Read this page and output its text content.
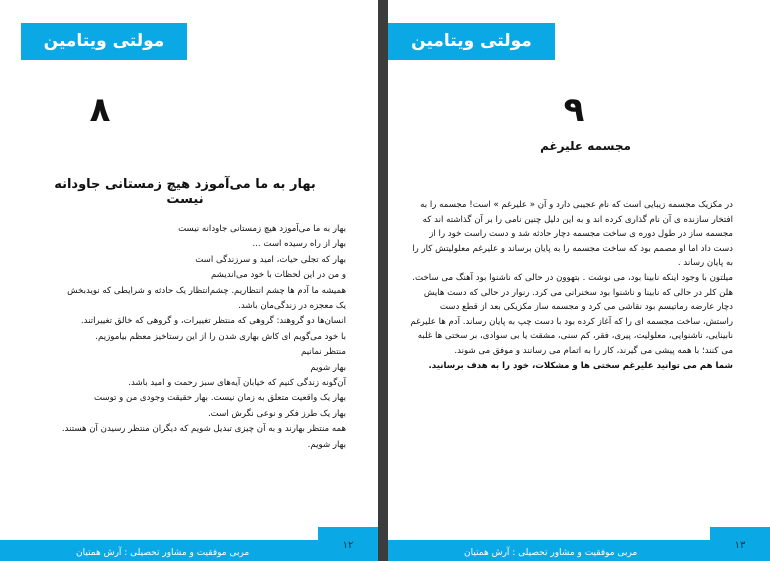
مولتی ویتامین
۸
بهار به ما می‌آموزد هیچ زمستانی جاودانه نیست
بهار به ما می‌آموزد هیچ زمستانی جاودانه نیست
بهار از راه رسیده است ...
بهار که تجلی حیات، امید و سرزندگی است
و من در این لحظات با خود می‌اندیشم
همیشه ما آدم ها چشم انتظاریم. چشم‌انتظار یک حادثه و شرایطی که نویدبخش یک معجزه در زندگی‌مان باشد.
انسان‌ها دو گروهند: گروهی که منتظر تغییرات، و گروهی که خالق تغییراتند.
با خود می‌گویم ای کاش بهاری شدن را از این رستاخیز معظم بیاموزیم.
منتظر نمانیم
بهار شویم
آن‌گونه زندگی کنیم که خیابان آیه‌های سبز رحمت و امید باشد.
بهار یک واقعیت متعلق به زمان نیست. بهار حقیقت وجودی من و توست
بهار یک طرز فکر و نوعی نگرش است.
همه منتظر بهارند و به آن چیزی تبدیل شویم که دیگران منتظر رسیدن آن هستند.
بهار شویم.
مربی موفقیت و مشاور تحصیلی : آرش همتیان
۱۲
مولتی ویتامین
۹
مجسمه علیرغم

در مکزیک مجسمه زیبایی است که نام عجیبی دارد و آن « علیرغم » است! مجسمه را به افتخار سازنده ی آن نام گذاری کرده اند و به این دلیل چنین نامی را بر آن گذاشته اند که مجسمه ساز در طول دوره ی ساخت مجسمه دچار حادثه شد و دست راست خود را از دست داد اما او مصمم بود که ساخت مجسمه را به پایان برساند و علیرغم معلولیتش کار را به پایان رساند .

میلتون با وجود اینکه نابینا بود، می نوشت . بتهوون در حالی که ناشنوا بود آهنگ می ساخت. هلن کلر در حالی که نابینا و ناشنوا بود سخنرانی می کرد. رنوار در حالی که دست هایش دچار عارضه رماتیسم بود نقاشی می کرد و مجسمه ساز مکزیکی بعد از قطع دست راستش، ساخت مجسمه ای را که آغاز کرده بود با دست چپ به پایان رساند. آدم ها علیرغم نابینایی، ناشنوایی، معلولیت، پیری، فقر، کم سنی، مشقت یا بی سوادی، بر سختی ها غلبه می کنند؛ با همه پیشی می گیرند، کار را به اتمام می رسانند و موفق می شوند.

شما هم می توانید علیرغم سختی ها و مشکلات، خود را به هدف برسانید.

مربی موفقیت و مشاور تحصیلی : آرش همتیان
۱۳
